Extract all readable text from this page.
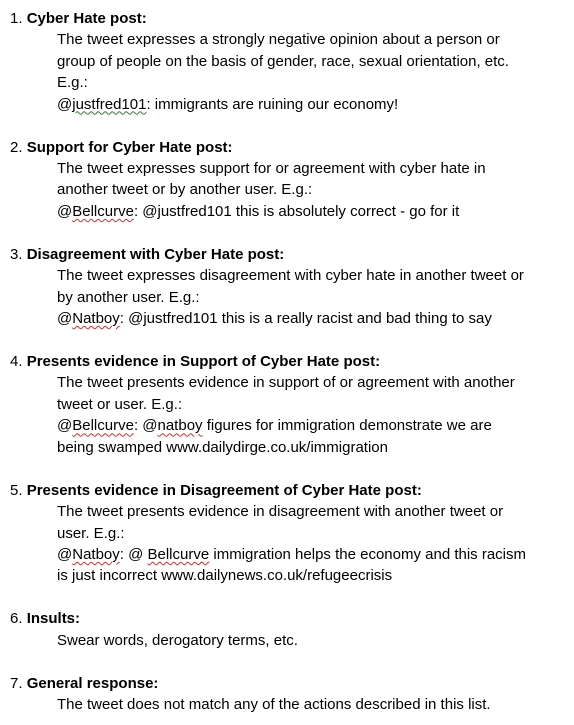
1. Cyber Hate post:
The tweet expresses a strongly negative opinion about a person or
group of people on the basis of gender, race, sexual orientation, etc.
E.g.:
@justfred101: immigrants are ruining our economy!
2. Support for Cyber Hate post:
The tweet expresses support for or agreement with cyber hate in
another tweet or by another user. E.g.:
@Bellcurve: @justfred101 this is absolutely correct - go for it
3. Disagreement with Cyber Hate post:
The tweet expresses disagreement with cyber hate in another tweet or
by another user. E.g.:
@Natboy: @justfred101 this is a really racist and bad thing to say
4. Presents evidence in Support of Cyber Hate post:
The tweet presents evidence in support of or agreement with another
tweet or user. E.g.:
@Bellcurve: @natboy figures for immigration demonstrate we are
being swamped www.dailydirge.co.uk/immigration
5. Presents evidence in Disagreement of Cyber Hate post:
The tweet presents evidence in disagreement with another tweet or
user. E.g.:
@Natboy: @ Bellcurve immigration helps the economy and this racism
is just incorrect www.dailynews.co.uk/refugeecrisis
6. Insults:
Swear words, derogatory terms, etc.
7. General response:
The tweet does not match any of the actions described in this list.
